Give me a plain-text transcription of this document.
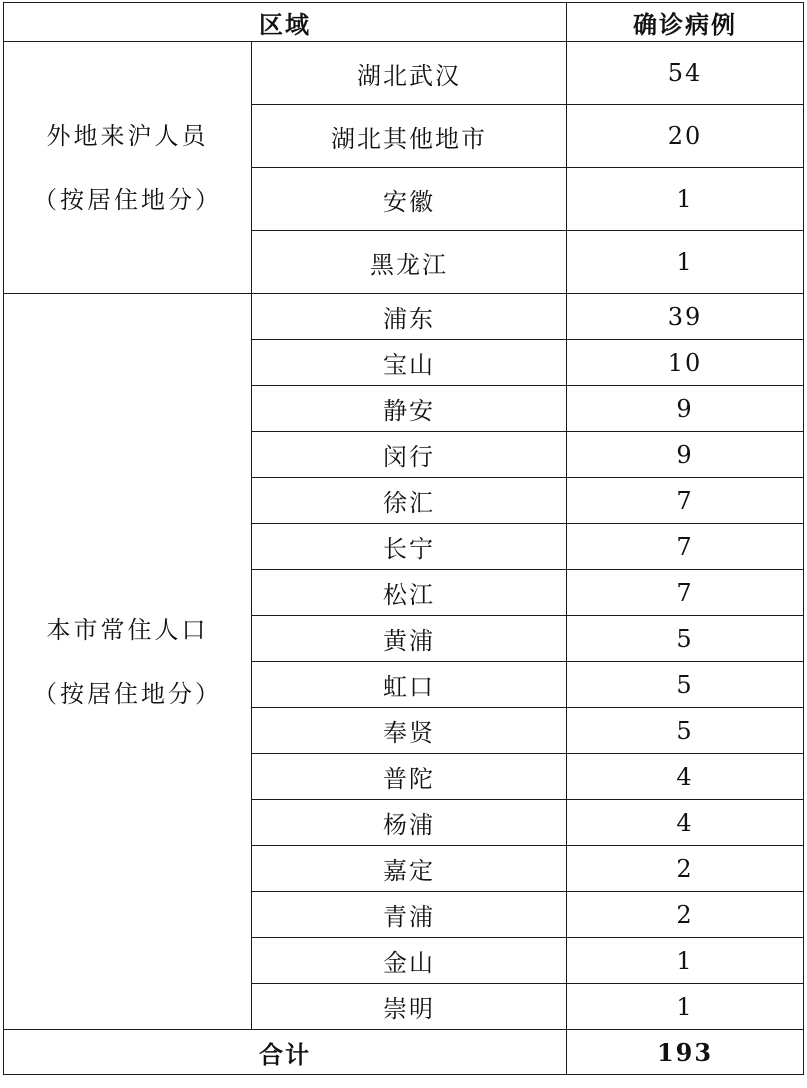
区域		确诊病例

外地来沪人员
（按居住地分）	湖北武汉	54
	湖北其他地市	20
	安徽	1
	黑龙江	1

本市常住人口
（按居住地分）	浦东	39
	宝山	10
	静安	9
	闵行	9
	徐汇	7
	长宁	7
	松江	7
	黄浦	5
	虹口	5
	奉贤	5
	普陀	4
	杨浦	4
	嘉定	2
	青浦	2
	金山	1
	崇明	1
合计		193
